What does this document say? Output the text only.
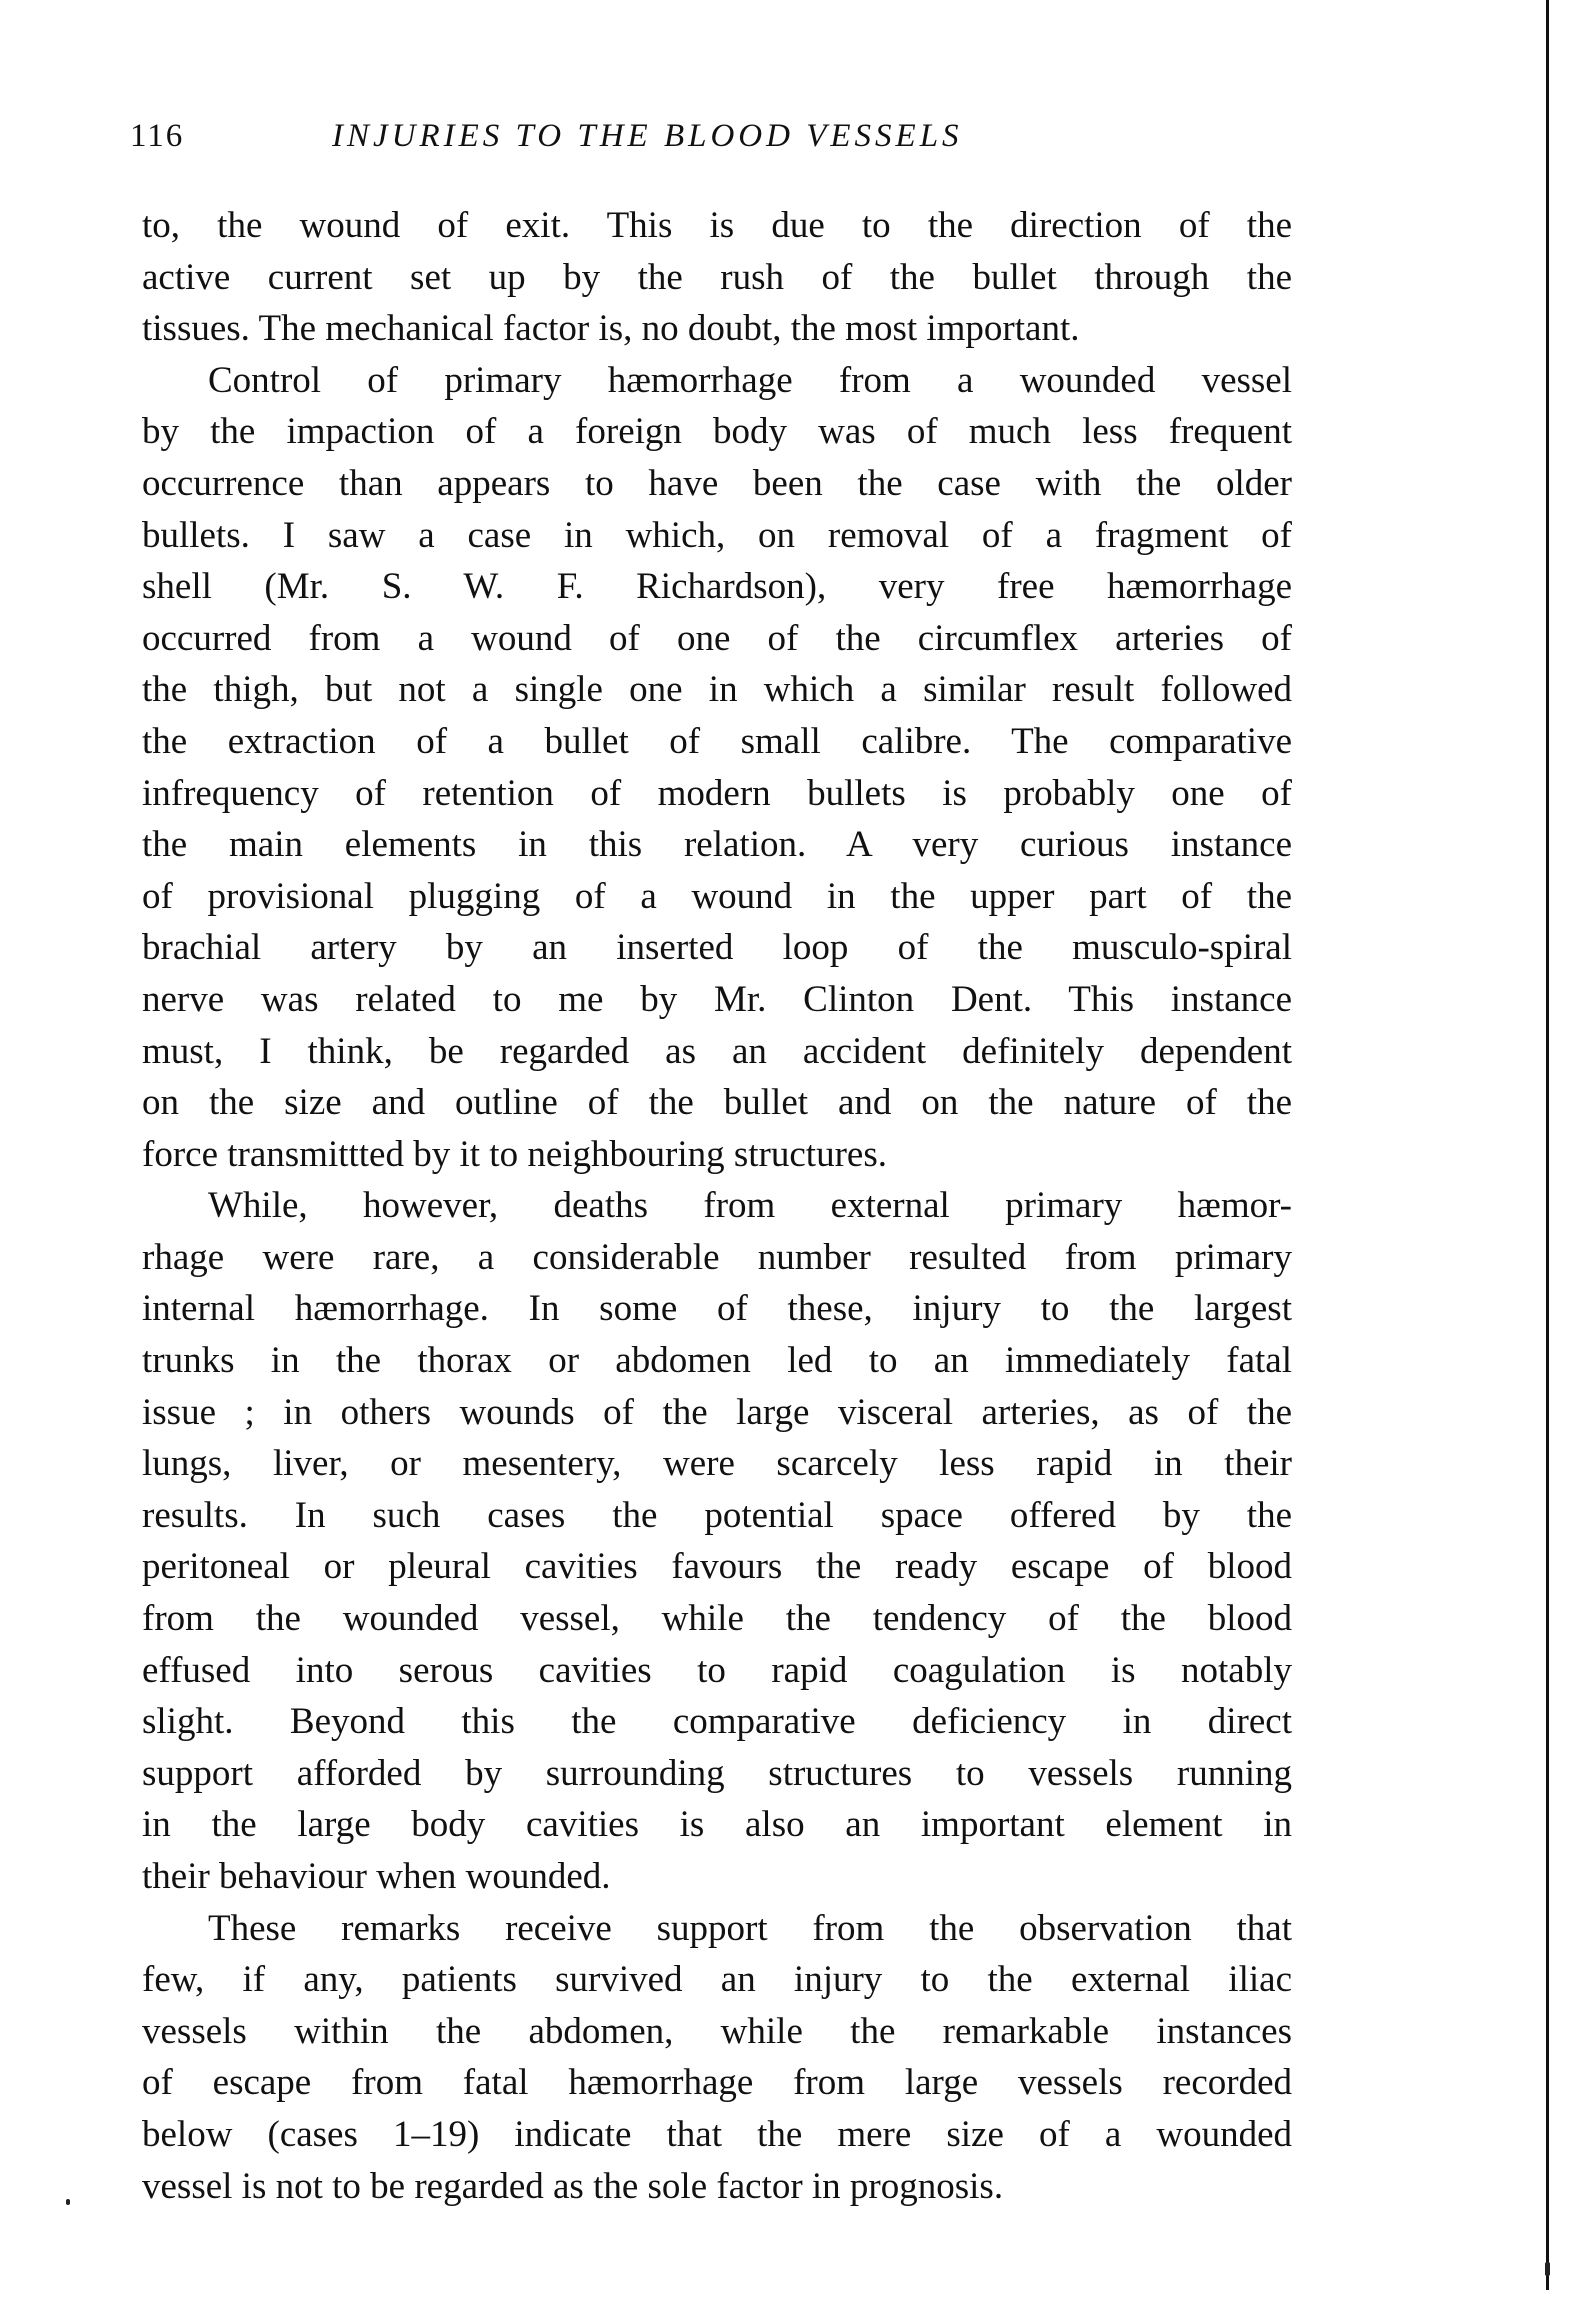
116	INJURIES TO THE BLOOD VESSELS
to, the wound of exit. This is due to the direction of the
active current set up by the rush of the bullet through the
tissues. The mechanical factor is, no doubt, the most important.
Control of primary hæmorrhage from a wounded vessel
by the impaction of a foreign body was of much less frequent
occurrence than appears to have been the case with the older
bullets. I saw a case in which, on removal of a fragment of
shell (Mr. S. W. F. Richardson), very free hæmorrhage
occurred from a wound of one of the circumflex arteries of
the thigh, but not a single one in which a similar result followed
the extraction of a bullet of small calibre. The comparative
infrequency of retention of modern bullets is probably one of
the main elements in this relation. A very curious instance
of provisional plugging of a wound in the upper part of the
brachial artery by an inserted loop of the musculo-spiral
nerve was related to me by Mr. Clinton Dent. This instance
must, I think, be regarded as an accident definitely dependent
on the size and outline of the bullet and on the nature of the
force transmittted by it to neighbouring structures.
While, however, deaths from external primary hæmor-
rhage were rare, a considerable number resulted from primary
internal hæmorrhage. In some of these, injury to the largest
trunks in the thorax or abdomen led to an immediately fatal
issue ; in others wounds of the large visceral arteries, as of the
lungs, liver, or mesentery, were scarcely less rapid in their
results. In such cases the potential space offered by the
peritoneal or pleural cavities favours the ready escape of blood
from the wounded vessel, while the tendency of the blood
effused into serous cavities to rapid coagulation is notably
slight. Beyond this the comparative deficiency in direct
support afforded by surrounding structures to vessels running
in the large body cavities is also an important element in
their behaviour when wounded.
These remarks receive support from the observation that
few, if any, patients survived an injury to the external iliac
vessels within the abdomen, while the remarkable instances
of escape from fatal hæmorrhage from large vessels recorded
below (cases 1–19) indicate that the mere size of a wounded
vessel is not to be regarded as the sole factor in prognosis.
